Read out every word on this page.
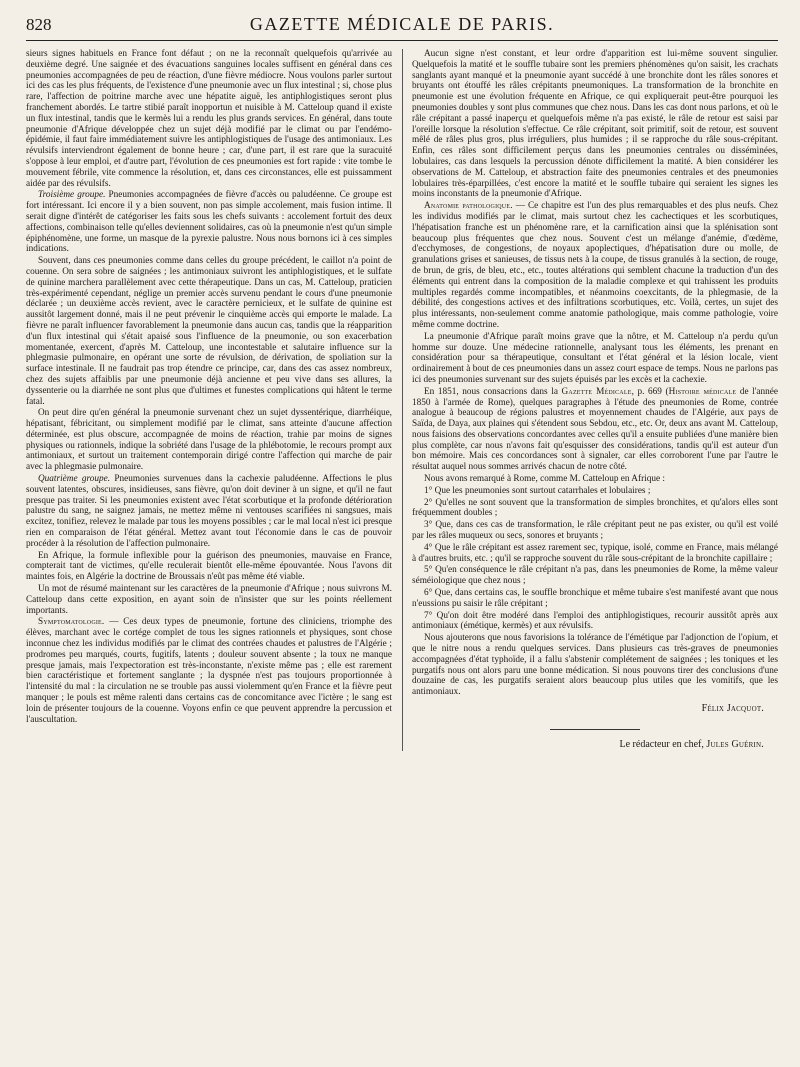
828	GAZETTE MÉDICALE DE PARIS.

sieurs signes habituels en France font défaut ; on ne la reconnaît quelquefois qu'arrivée au deuxième degré. Une saignée et des évacuations sanguines locales suffisent en général dans ces pneumonies accompagnées de peu de réaction, d'une fièvre médiocre. Nous voulons parler surtout ici des cas les plus fréquents, de l'existence d'une pneumonie avec un flux intestinal ; si, chose plus rare, l'affection de poitrine marche avec une hépatite aiguë, les antiphlogistiques seront plus franchement abordés. Le tartre stibié paraît inopportun et nuisible à M. Catteloup quand il existe un flux intestinal, tandis que le kermès lui a rendu les plus grands services. En général, dans toute pneumonie d'Afrique développée chez un sujet déjà modifié par le climat ou par l'endémo-épidémie, il faut faire immédiatement suivre les antiphlogistiques de l'usage des antimoniaux. Les révulsifs interviendront également de bonne heure ; car, d'une part, il est rare que la suracuité s'oppose à leur emploi, et d'autre part, l'évolution de ces pneumonies est fort rapide : vite tombe le mouvement fébrile, vite commence la résolution, et, dans ces circonstances, elle est puissamment aidée par des révulsifs.

Troisième groupe. Pneumonies accompagnées de fièvre d'accès ou paludéenne. Ce groupe est fort intéressant. Ici encore il y a bien souvent, non pas simple accolement, mais fusion intime. Il serait digne d'intérêt de catégoriser les faits sous les chefs suivants : accolement fortuit des deux affections, combinaison telle qu'elles deviennent solidaires, cas où la pneumonie n'est qu'un simple épiphénomène, une forme, un masque de la pyrexie palustre. Nous nous bornons ici à ces simples indications.

Souvent, dans ces pneumonies comme dans celles du groupe précédent, le caillot n'a point de couenne. On sera sobre de saignées ; les antimoniaux suivront les antiphlogistiques, et le sulfate de quinine marchera parallèlement avec cette thérapeutique. Dans un cas, M. Catteloup, praticien très-expérimenté cependant, néglige un premier accès survenu pendant le cours d'une pneumonie déclarée ; un deuxième accès revient, avec le caractère pernicieux, et le sulfate de quinine est aussitôt largement donné, mais il ne peut prévenir le cinquième accès qui emporte le malade. La fièvre ne paraît influencer favorablement la pneumonie dans aucun cas, tandis que la réapparition d'un flux intestinal qui s'était apaisé sous l'influence de la pneumonie, ou son exacerbation momentanée, exercent, d'après M. Catteloup, une incontestable et salutaire influence sur la phlegmasie pulmonaire, en opérant une sorte de révulsion, de dérivation, de spoliation sur la surface intestinale. Il ne faudrait pas trop étendre ce principe, car, dans des cas assez nombreux, chez des sujets affaiblis par une pneumonie déjà ancienne et peu vive dans ses allures, la dyssenterie ou la diarrhée ne sont plus que d'ultimes et funestes complications qui hâtent le terme fatal.

On peut dire qu'en général la pneumonie survenant chez un sujet dyssentérique, diarrhéique, hépatisant, fébricitant, ou simplement modifié par le climat, sans atteinte d'aucune affection déterminée, est plus obscure, accompagnée de moins de réaction, trahie par moins de signes physiques ou rationnels, indique la sobriété dans l'usage de la phlébotomie, le recours prompt aux antimoniaux, et surtout un traitement contemporain dirigé contre l'affection qui marche de pair avec la phlegmasie pulmonaire.

Quatrième groupe. Pneumonies survenues dans la cachexie paludéenne. Affections le plus souvent latentes, obscures, insidieuses, sans fièvre, qu'on doit deviner à un signe, et qu'il ne faut presque pas traiter. Si les pneumonies existent avec l'état scorbutique et la profonde détérioration palustre du sang, ne saignez jamais, ne mettez même ni ventouses scarifiées ni sangsues, mais excitez, tonifiez, relevez le malade par tous les moyens possibles ; car le mal local n'est ici presque rien en comparaison de l'état général. Mettez avant tout l'économie dans le cas de pouvoir procéder à la résolution de l'affection pulmonaire.

En Afrique, la formule inflexible pour la guérison des pneumonies, mauvaise en France, compterait tant de victimes, qu'elle reculerait bientôt elle-même épouvantée. Nous l'avons dit maintes fois, en Algérie la doctrine de Broussais n'eût pas même été viable.

Un mot de résumé maintenant sur les caractères de la pneumonie d'Afrique ; nous suivrons M. Catteloup dans cette exposition, en ayant soin de n'insister que sur les points réellement importants.

Symptomatologie. — Ces deux types de pneumonie, fortune des cliniciens, triomphe des élèves, marchant avec le cortége complet de tous les signes rationnels et physiques, sont chose inconnue chez les individus modifiés par le climat des contrées chaudes et palustres de l'Algérie ; prodromes peu marqués, courts, fugitifs, latents ; douleur souvent absente ; la toux ne manque presque jamais, mais l'expectoration est très-inconstante, n'existe même pas ; elle est rarement bien caractéristique et fortement sanglante ; la dyspnée n'est pas toujours proportionnée à l'intensité du mal : la circulation ne se trouble pas aussi violemment qu'en France et la fièvre peut manquer ; le pouls est même ralenti dans certains cas de concomitance avec l'ictère ; le sang est loin de présenter toujours de la couenne. Voyons enfin ce que peuvent apprendre la percussion et l'auscultation.

Aucun signe n'est constant, et leur ordre d'apparition est lui-même souvent singulier. Quelquefois la matité et le souffle tubaire sont les premiers phénomènes qu'on saisit, les crachats sanglants ayant manqué et la pneumonie ayant succédé à une bronchite dont les râles sonores et bruyants ont étouffé les râles crépitants pneumoniques. La transformation de la bronchite en pneumonie est une évolution fréquente en Afrique, ce qui expliquerait peut-être pourquoi les pneumonies doubles y sont plus communes que chez nous. Dans les cas dont nous parlons, et où le râle crépitant a passé inaperçu et quelquefois même n'a pas existé, le râle de retour est saisi par l'oreille lorsque la résolution s'effectue. Ce râle crépitant, soit primitif, soit de retour, est souvent mêlé de râles plus gros, plus irréguliers, plus humides ; il se rapproche du râle sous-crépitant. Enfin, ces râles sont difficilement perçus dans les pneumonies centrales ou disséminées, lobulaires, cas dans lesquels la percussion dénote difficilement la matité. A bien considérer les observations de M. Catteloup, et abstraction faite des pneumonies centrales et des pneumonies lobulaires très-éparpillées, c'est encore la matité et le souffle tubaire qui seraient les signes les moins inconstants de la pneumonie d'Afrique.

Anatomie pathologique. — Ce chapitre est l'un des plus remarquables et des plus neufs. Chez les individus modifiés par le climat, mais surtout chez les cachectiques et les scorbutiques, l'hépatisation franche est un phénomène rare, et la carnification ainsi que la splénisation sont beaucoup plus fréquentes que chez nous. Souvent c'est un mélange d'anémie, d'œdème, d'ecchymoses, de congestions, de noyaux apoplectiques, d'hépatisation dure ou molle, de granulations grises et sanieuses, de tissus nets à la coupe, de tissus granulés à la section, de rouge, de brun, de gris, de bleu, etc., etc., toutes altérations qui semblent chacune la traduction d'un des éléments qui entrent dans la composition de la maladie complexe et qui trahissent les produits multiples regardés comme incompatibles, et néanmoins coexcitants, de la phlegmasie, de la débilité, des congestions actives et des infiltrations scorbutiques, etc. Voilà, certes, un sujet des plus intéressants, non-seulement comme anatomie pathologique, mais comme pathologie, voire même comme doctrine.

La pneumonie d'Afrique paraît moins grave que la nôtre, et M. Catteloup n'a perdu qu'un homme sur douze. Une médecine rationnelle, analysant tous les éléments, les prenant en considération pour sa thérapeutique, consultant et l'état général et la lésion locale, vient ordinairement à bout de ces pneumonies dans un assez court espace de temps. Nous ne parlons pas ici des pneumonies survenant sur des sujets épuisés par les excès et la cachexie.

En 1851, nous consacrions dans la Gazette Médicale, p. 669 (Histoire médicale de l'année 1850 à l'armée de Rome), quelques paragraphes à l'étude des pneumonies de Rome, contrée analogue à beaucoup de régions palustres et moyennement chaudes de l'Algérie, aux pays de Saïda, de Daya, aux plaines qui s'étendent sous Sebdou, etc., etc. Or, deux ans avant M. Catteloup, nous faisions des observations concordantes avec celles qu'il a ensuite publiées d'une manière bien plus complète, car nous n'avons fait qu'esquisser des considérations, tandis qu'il est auteur d'un bon mémoire. Mais ces concordances sont à signaler, car elles corroborent l'une par l'autre le résultat auquel nous sommes arrivés chacun de notre côté.

Nous avons remarqué à Rome, comme M. Catteloup en Afrique :

1° Que les pneumonies sont surtout catarrhales et lobulaires ;

2° Qu'elles ne sont souvent que la transformation de simples bronchites, et qu'alors elles sont fréquemment doubles ;

3° Que, dans ces cas de transformation, le râle crépitant peut ne pas exister, ou qu'il est voilé par les râles muqueux ou secs, sonores et bruyants ;

4° Que le râle crépitant est assez rarement sec, typique, isolé, comme en France, mais mélangé à d'autres bruits, etc. ; qu'il se rapproche souvent du râle sous-crépitant de la bronchite capillaire ;

5° Qu'en conséquence le râle crépitant n'a pas, dans les pneumonies de Rome, la même valeur séméiologique que chez nous ;

6° Que, dans certains cas, le souffle bronchique et même tubaire s'est manifesté avant que nous n'eussions pu saisir le râle crépitant ;

7° Qu'on doit être modéré dans l'emploi des antiphlogistiques, recourir aussitôt après aux antimoniaux (émétique, kermès) et aux révulsifs.

Nous ajouterons que nous favorisions la tolérance de l'émétique par l'adjonction de l'opium, et que le nitre nous a rendu quelques services. Dans plusieurs cas très-graves de pneumonies accompagnées d'état typhoïde, il a fallu s'abstenir complétement de saignées ; les toniques et les purgatifs nous ont alors paru une bonne médication. Si nous pouvons tirer des conclusions d'une douzaine de cas, les purgatifs seraient alors beaucoup plus utiles que les vomitifs, que les antimoniaux.

Félix Jacquot.
Le rédacteur en chef, Jules Guérin.
